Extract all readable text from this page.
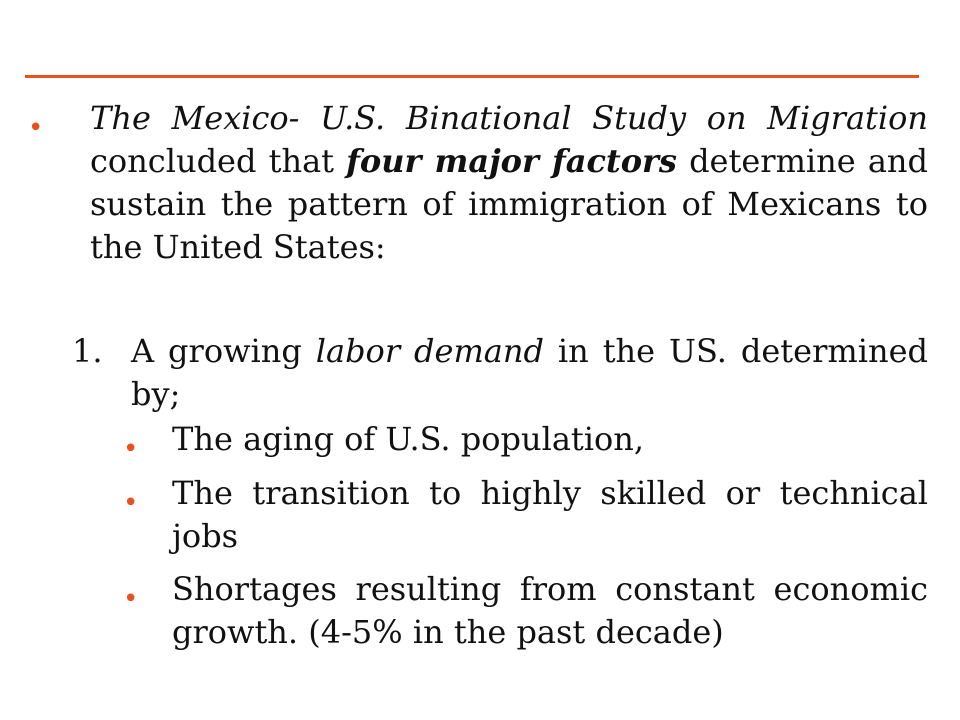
• The Mexico- U.S. Binational Study on Migration concluded that four major factors determine and sustain the pattern of immigration of Mexicans to the United States:

1. A growing labor demand in the US. determined by;

• The aging of U.S. population,

• The transition to highly skilled or technical jobs

• Shortages resulting from constant economic growth. (4-5% in the past decade)
